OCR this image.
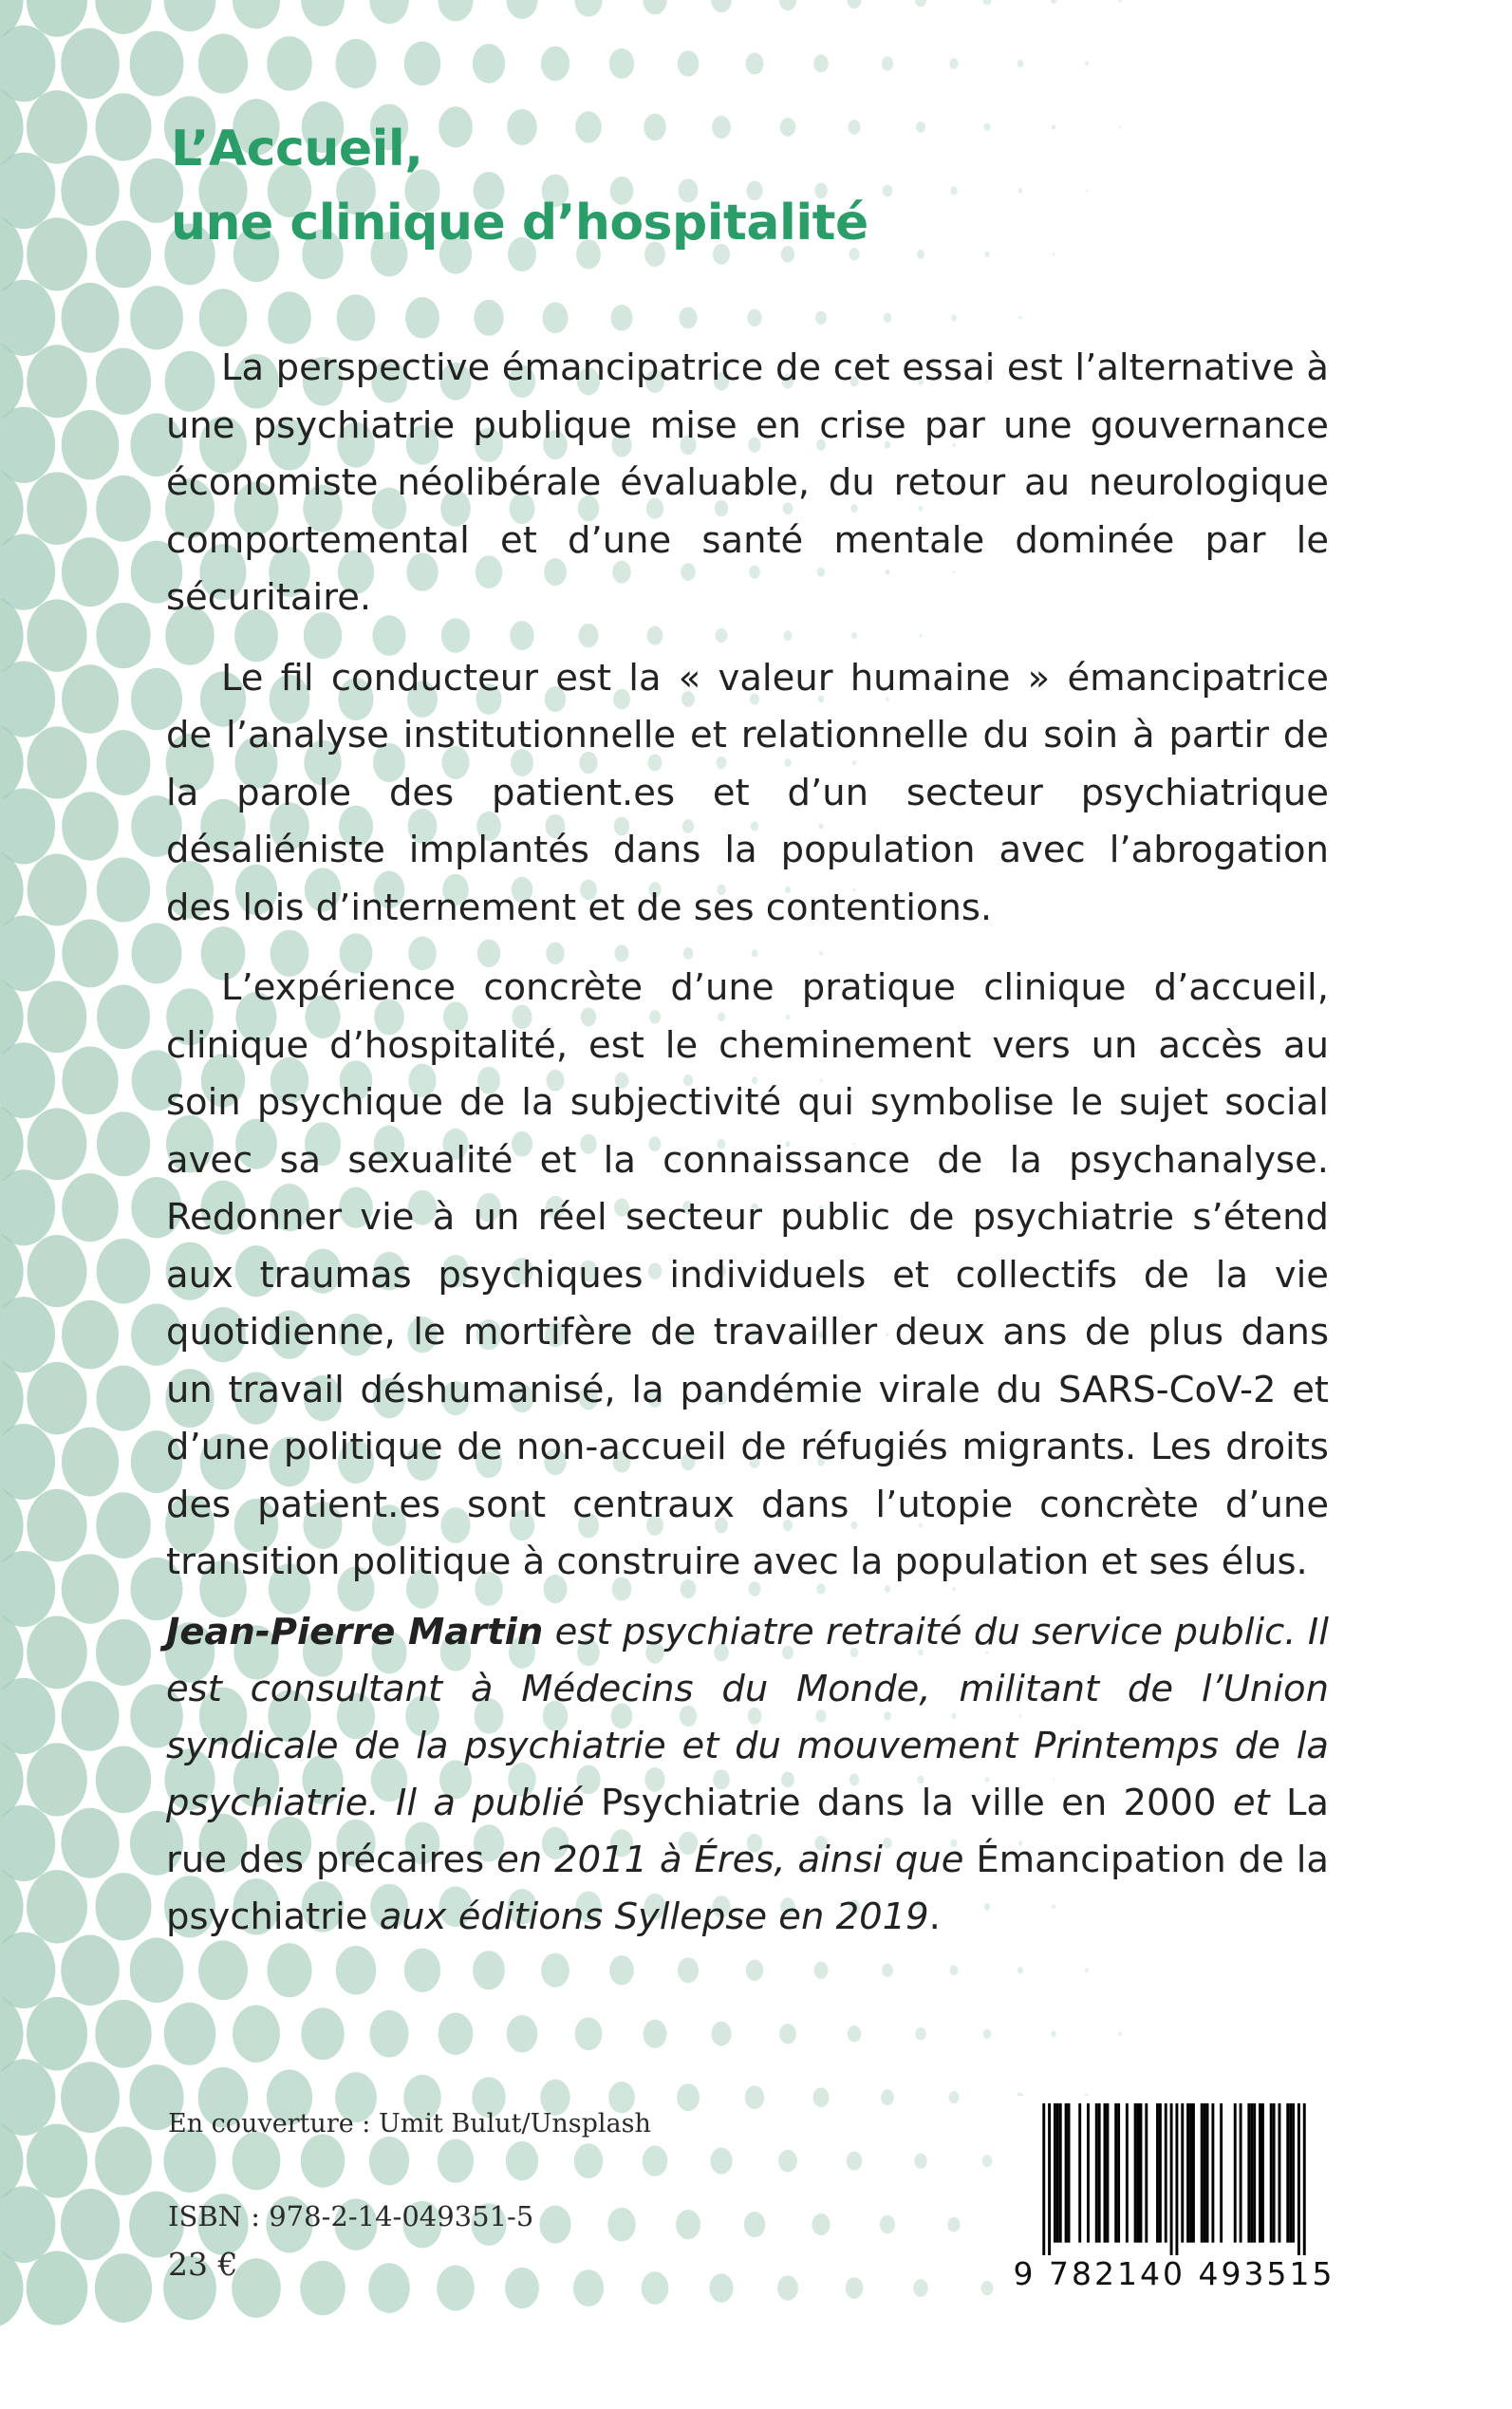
L’Accueil,
une clinique d’hospitalité

La perspective émancipatrice de cet essai est l’alternative à une psychiatrie publique mise en crise par une gouvernance économiste néolibérale évaluable, du retour au neurologique comportemental et d’une santé mentale dominée par le sécuritaire.

Le fil conducteur est la « valeur humaine » émancipatrice de l’analyse institutionnelle et relationnelle du soin à partir de la parole des patient.es et d’un secteur psychiatrique désaliéniste implantés dans la population avec l’abrogation des lois d’internement et de ses contentions.

L’expérience concrète d’une pratique clinique d’accueil, clinique d’hospitalité, est le cheminement vers un accès au soin psychique de la subjectivité qui symbolise le sujet social avec sa sexualité et la connaissance de la psychanalyse. Redonner vie à un réel secteur public de psychiatrie s’étend aux traumas psychiques individuels et collectifs de la vie quotidienne, le mortifère de travailler deux ans de plus dans un travail déshumanisé, la pandémie virale du SARS-CoV-2 et d’une politique de non-accueil de réfugiés migrants. Les droits des patient.es sont centraux dans l’utopie concrète d’une transition politique à construire avec la population et ses élus.

Jean-Pierre Martin est psychiatre retraité du service public. Il est consultant à Médecins du Monde, militant de l’Union syndicale de la psychiatrie et du mouvement Printemps de la psychiatrie. Il a publié Psychiatrie dans la ville en 2000 et La rue des précaires en 2011 à Éres, ainsi que Émancipation de la psychiatrie aux éditions Syllepse en 2019.

En couverture : Umit Bulut/Unsplash

ISBN : 978-2-14-049351-5

23 €	9 782140 493515
